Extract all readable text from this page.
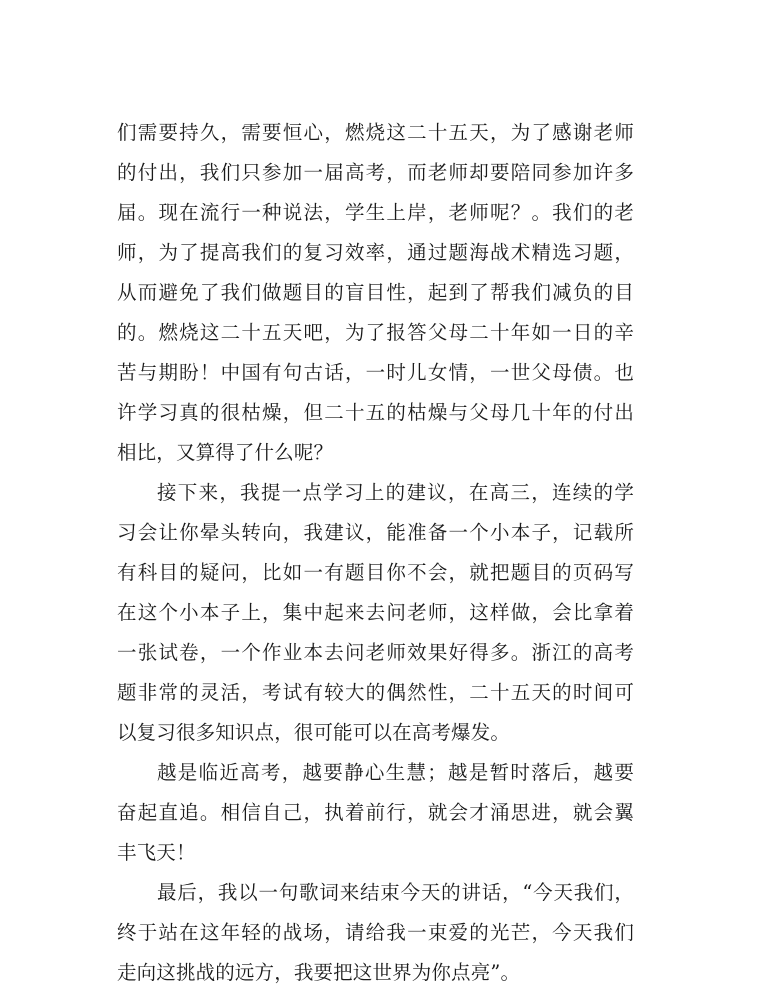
们需要持久，需要恒心，燃烧这二十五天，为了感谢老师
的付出，我们只参加一届高考，而老师却要陪同参加许多
届。现在流行一种说法，学生上岸，老师呢？。我们的老
师，为了提高我们的复习效率，通过题海战术精选习题，
从而避免了我们做题目的盲目性，起到了帮我们减负的目
的。燃烧这二十五天吧，为了报答父母二十年如一日的辛
苦与期盼！中国有句古话，一时儿女情，一世父母债。也
许学习真的很枯燥，但二十五的枯燥与父母几十年的付出
相比，又算得了什么呢？
接下来，我提一点学习上的建议，在高三，连续的学
习会让你晕头转向，我建议，能准备一个小本子，记载所
有科目的疑问，比如一有题目你不会，就把题目的页码写
在这个小本子上，集中起来去问老师，这样做，会比拿着
一张试卷，一个作业本去问老师效果好得多。浙江的高考
题非常的灵活，考试有较大的偶然性，二十五天的时间可
以复习很多知识点，很可能可以在高考爆发。
越是临近高考，越要静心生慧；越是暂时落后，越要
奋起直追。相信自己，执着前行，就会才涌思进，就会翼
丰飞天！
最后，我以一句歌词来结束今天的讲话，“今天我们，
终于站在这年轻的战场，请给我一束爱的光芒，今天我们
走向这挑战的远方，我要把这世界为你点亮”。
